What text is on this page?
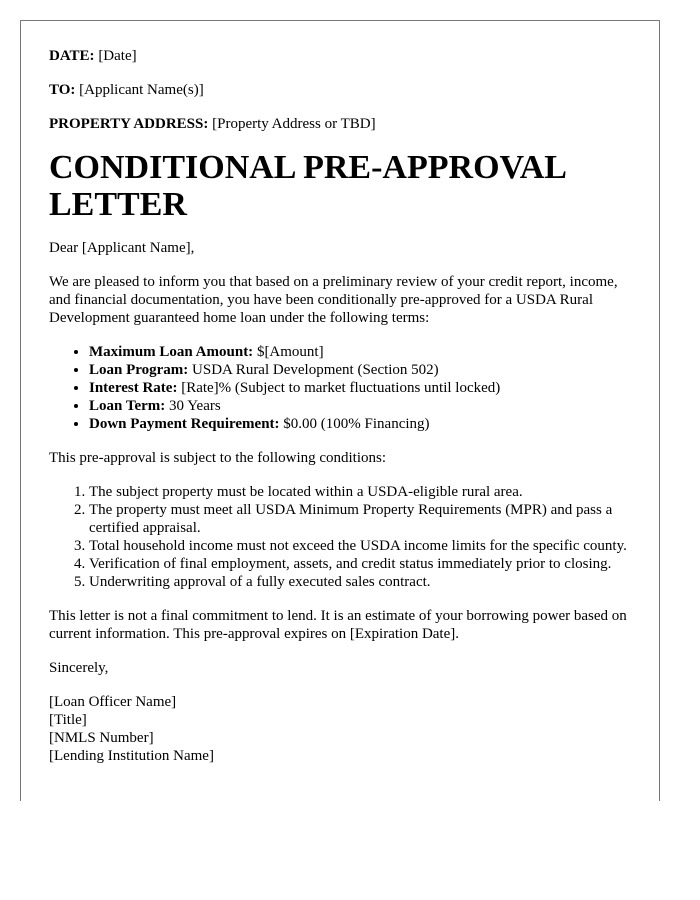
DATE: [Date]

TO: [Applicant Name(s)]

PROPERTY ADDRESS: [Property Address or TBD]

CONDITIONAL PRE-APPROVAL LETTER

Dear [Applicant Name],

We are pleased to inform you that based on a preliminary review of your credit report, income, and financial documentation, you have been conditionally pre-approved for a USDA Rural Development guaranteed home loan under the following terms:

• Maximum Loan Amount: $[Amount]
• Loan Program: USDA Rural Development (Section 502)
• Interest Rate: [Rate]% (Subject to market fluctuations until locked)
• Loan Term: 30 Years
• Down Payment Requirement: $0.00 (100% Financing)

This pre-approval is subject to the following conditions:

1. The subject property must be located within a USDA-eligible rural area.
2. The property must meet all USDA Minimum Property Requirements (MPR) and pass a certified appraisal.
3. Total household income must not exceed the USDA income limits for the specific county.
4. Verification of final employment, assets, and credit status immediately prior to closing.
5. Underwriting approval of a fully executed sales contract.

This letter is not a final commitment to lend. It is an estimate of your borrowing power based on current information. This pre-approval expires on [Expiration Date].

Sincerely,

[Loan Officer Name]

[Title]

[NMLS Number]

[Lending Institution Name]
